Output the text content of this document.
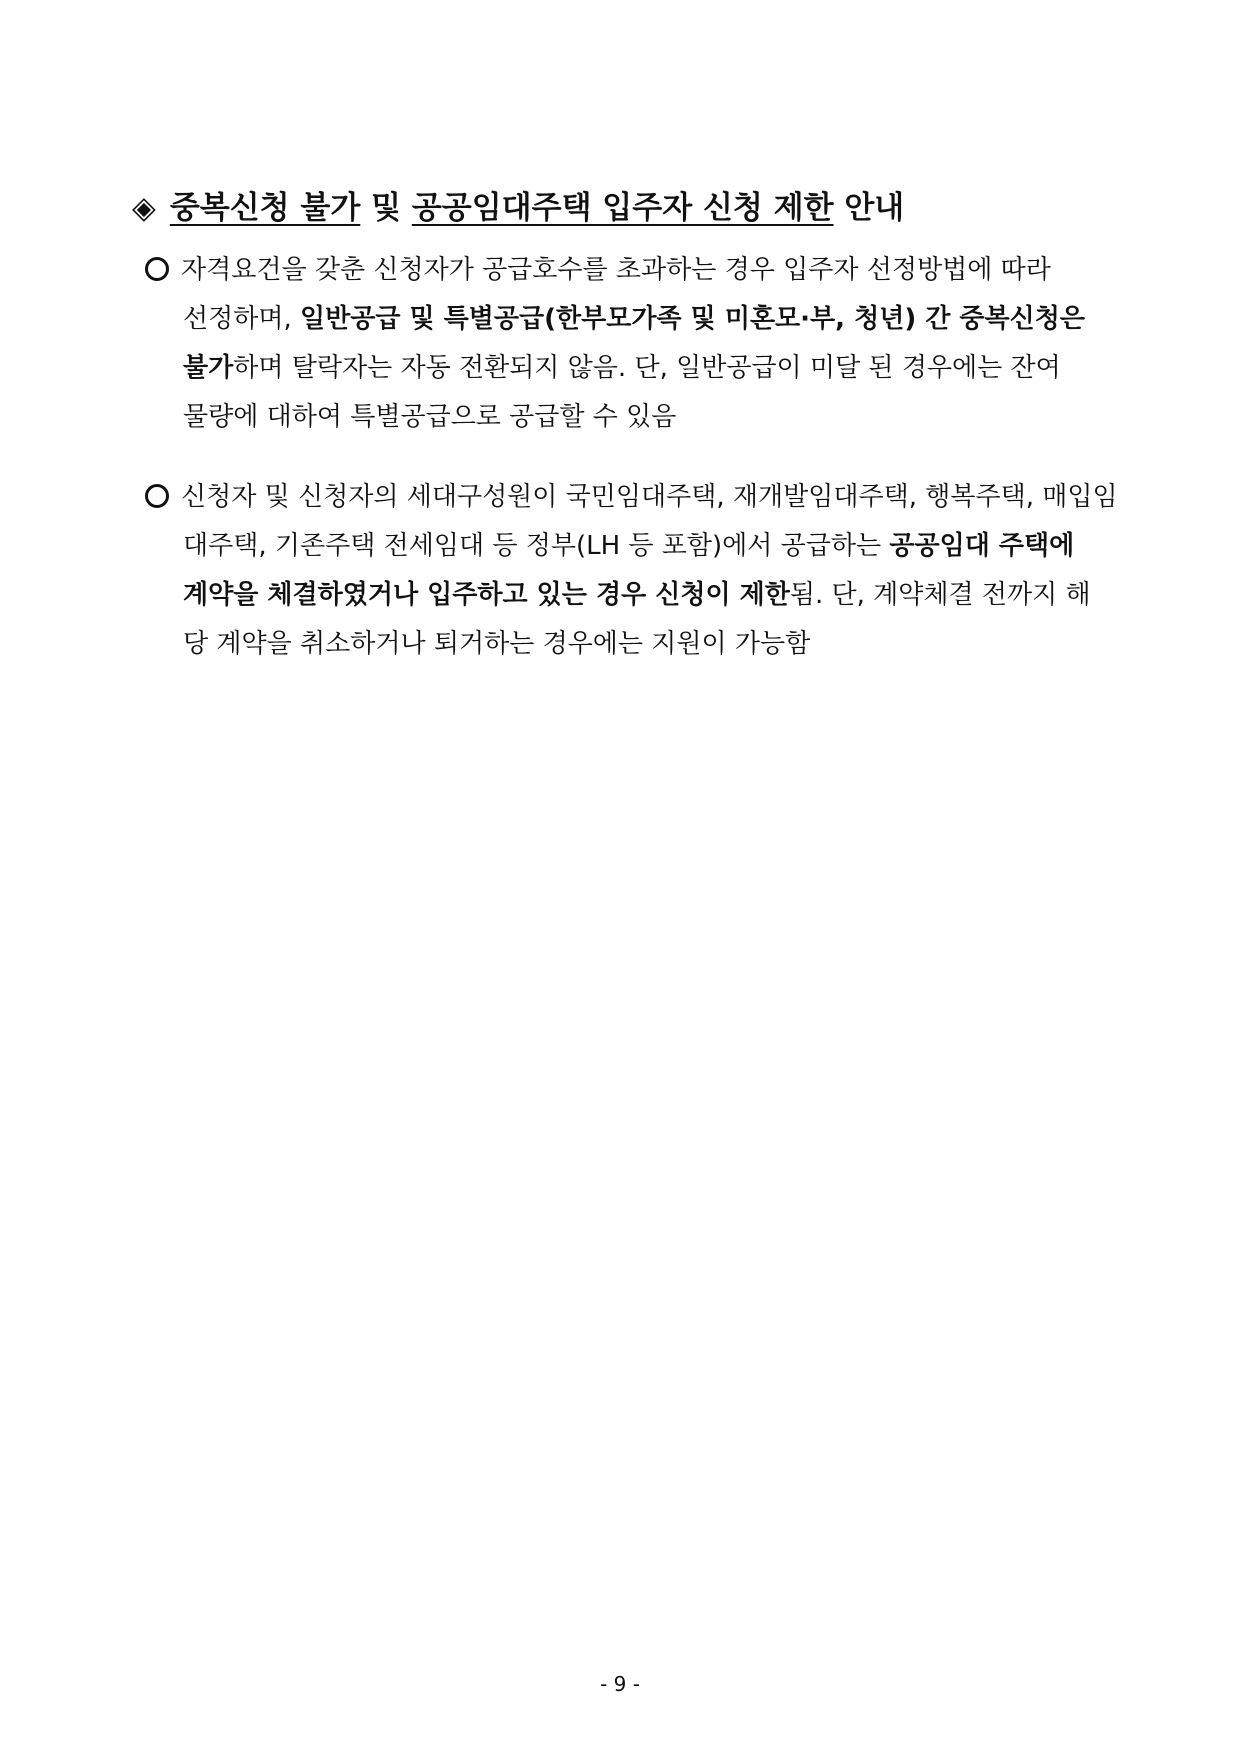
◈ 중복신청 불가 및 공공임대주택 입주자 신청 제한 안내
자격요건을 갖춘 신청자가 공급호수를 초과하는 경우 입주자 선정방법에 따라
선정하며, 일반공급 및 특별공급(한부모가족 및 미혼모·부, 청년) 간 중복신청은
불가하며 탈락자는 자동 전환되지 않음. 단, 일반공급이 미달 된 경우에는 잔여
물량에 대하여 특별공급으로 공급할 수 있음
신청자 및 신청자의 세대구성원이 국민임대주택, 재개발임대주택, 행복주택, 매입임
대주택, 기존주택 전세임대 등 정부(LH 등 포함)에서 공급하는 공공임대 주택에
계약을 체결하였거나 입주하고 있는 경우 신청이 제한됨. 단, 계약체결 전까지 해
당 계약을 취소하거나 퇴거하는 경우에는 지원이 가능함
- 9 -
